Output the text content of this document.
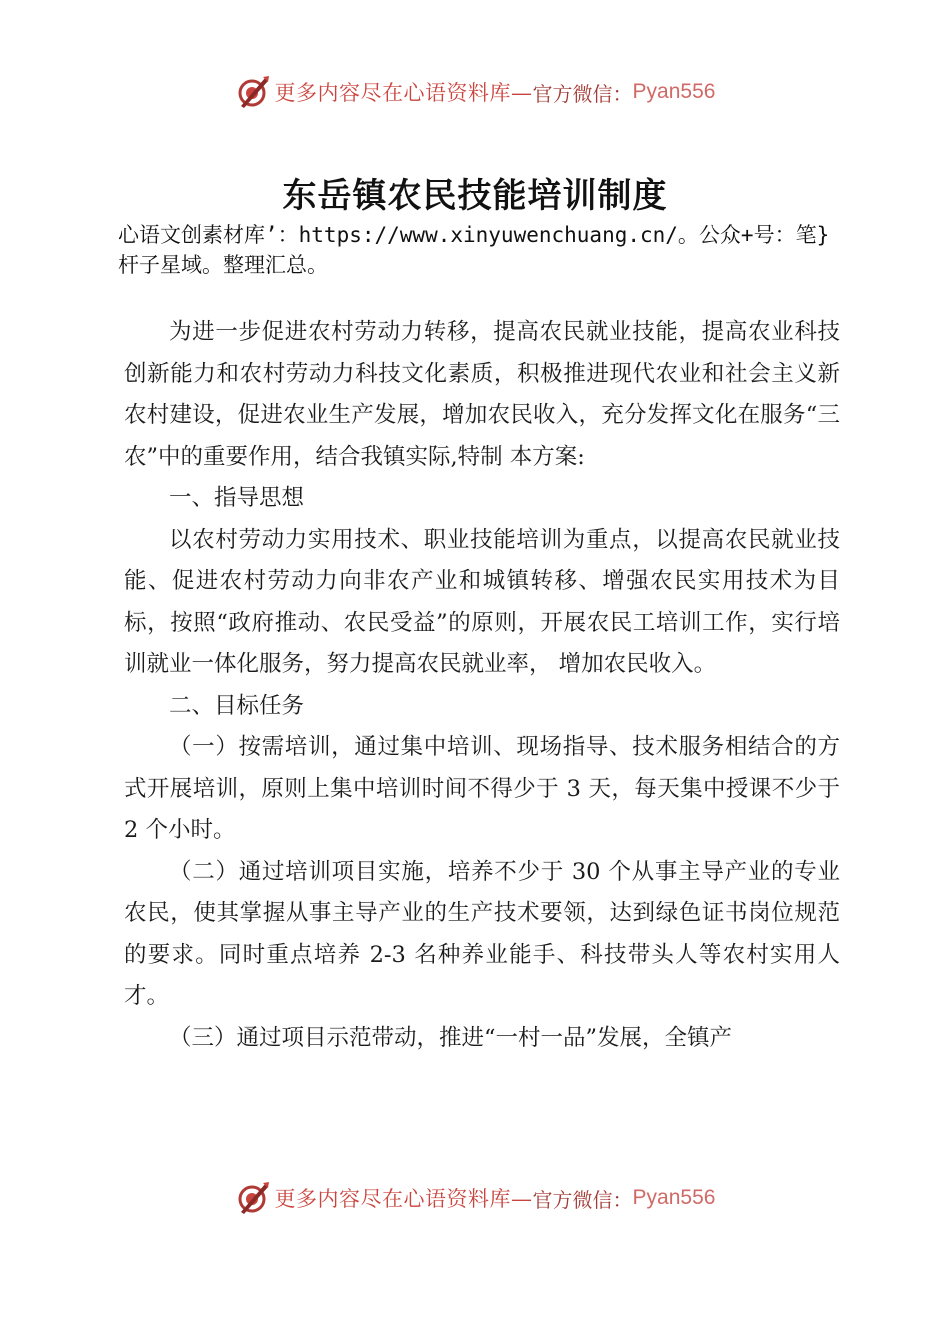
更多内容尽在心语资料库— 官方微信： Pyan556
东岳镇农民技能培训制度
心语文创素材库’：https://www.xinyuwenchuang.cn/。公众+号：笔}杆子星域。整理汇总。

为进一步促进农村劳动力转移，提高农民就业技能，提高农业科技创新能力和农村劳动力科技文化素质，积极推进现代农业和社会主义新农村建设，促进农业生产发展，增加农民收入，充分发挥文化在服务“三农”中的重要作用，结合我镇实际,特制 本方案:

一、指导思想

以农村劳动力实用技术、职业技能培训为重点，以提高农民就业技能、促进农村劳动力向非农产业和城镇转移、增强农民实用技术为目标，按照“政府推动、农民受益”的原则，开展农民工培训工作，实行培训就业一体化服务，努力提高农民就业率， 增加农民收入。

二、目标任务

（一）按需培训，通过集中培训、现场指导、技术服务相结合的方式开展培训，原则上集中培训时间不得少于 3 天，每天集中授课不少于 2 个小时。

（二）通过培训项目实施，培养不少于 30 个从事主导产业的专业农民，使其掌握从事主导产业的生产技术要领，达到绿色证书岗位规范的要求。同时重点培养 2-3 名种养业能手、科技带头人等农村实用人才。

（三）通过项目示范带动，推进“一村一品”发展，全镇产

更多内容尽在心语资料库— 官方微信： Pyan556
